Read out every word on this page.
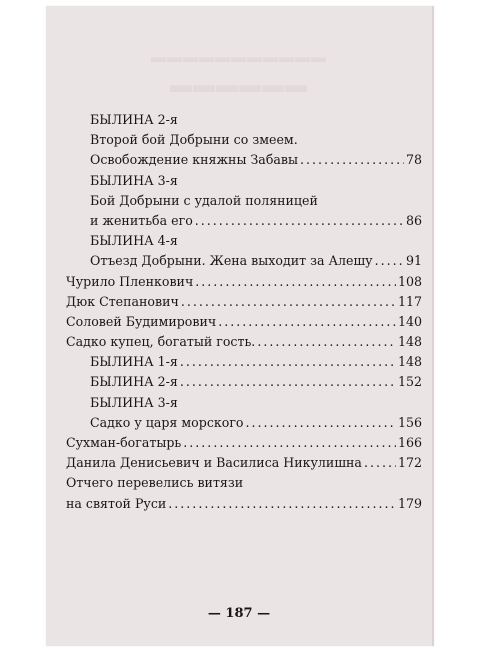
▬▬▬▬▬▬▬▬▬▬▬
▬▬▬▬▬▬
БЫЛИНА 2-я
Второй бой Добрыни со змеем.
Освобождение княжны Забавы . . .	78
БЫЛИНА 3-я
Бой Добрыни с удалой поляницей
и женитьба его . . .	86
БЫЛИНА 4-я
Отъезд Добрыни. Жена выходит за Алешу . . .	91
Чурило Пленкович . . .	108
Дюк Степанович . . .	117
Соловей Будимирович . . .	140
Садко купец, богатый гость. . . .	148
БЫЛИНА 1-я . . .	148
БЫЛИНА 2-я . . .	152
БЫЛИНА 3-я
Садко у царя морского . . .	156
Сухман-богатырь . . .	166
Данила Денисьевич и Василиса Никулишна . . .	172
Отчего перевелись витязи
на святой Руси . . .	179
— 187 —
